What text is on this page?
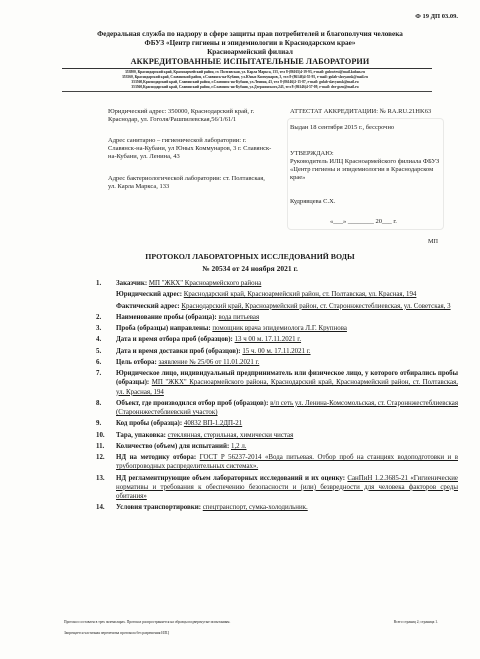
Ф 19 ДП 03.09.
Федеральная служба по надзору в сфере защиты прав потребителей и благополучия человека
ФБУЗ «Центр гигиены и эпидемиологии в Краснодарском крае»
Красноармейский филиал
АККРЕДИТОВАННЫЕ ИСПЫТАТЕЛЬНЫЕ ЛАБОРАТОРИИ
353800, Краснодарский край, Красноармейский район, ст. Полтавская, ул. Карла Маркса, 133, тел 8-(86165)4-19-93, e-mail: gulowtest@mail.kuban.ru
353560, Краснодарский край, Славянский район, г.Славянск-на-Кубани, ул.Юных Коммунаров, 3, тел 8-(86146)4-55-95, e-mail: gulab-slavyansk@mail.ru
353560,Краснодарский край, Славянский район, г.Славянск-на-Кубани, ул.Ленина, 43, тел 8-(86146)2-15-87, e-mail: gulab-slavyansk@mail.ru
353560,Краснодарский край, Славянский район, г.Славянск-на-Кубани, ул.Дзержинского,243, тел 8-(86146)4-57-09, e-mail: dez-gsen@mail.ru
Юридический адрес: 350000, Краснодарский край, г. Краснодар, ул. Гоголя/Рашпилевская,56/1/61/1
Адрес санитарно – гигиенической лаборатории: г. Славянск-на-Кубани, ул Юных Коммунаров, 3 г. Славянск-на-Кубани, ул. Ленина, 43
Адрес бактериологической лаборатории: ст. Полтавская, ул. Карла Маркса, 133
АТТЕСТАТ АККРЕДИТАЦИИ: № RA.RU.21HK63
Выдан 18 сентября 2015 г., бессрочно
УТВЕРЖДАЮ:
Руководитель ИЛЦ Красноармейского филиала ФБУЗ «Центр гигиены и эпидемиологии в Краснодарском крае»
Кудрявцева С.Х.
«___» ________ 20___ г.
МП
ПРОТОКОЛ ЛАБОРАТОРНЫХ ИССЛЕДОВАНИЙ ВОДЫ
№ 20534 от 24 ноября 2021 г.
1.	Заказчик: МП "ЖКХ" Красноармейского района
Юридический адрес: Краснодарский край, Красноармейский район, ст. Полтавская, ул. Красная, 194
Фактический адрес: Краснодарский край, Красноармейский район, ст. Староннжестеблиевская, ул. Советская, 3
2.	Наименование пробы (образца): вода питьевая
3.	Проба (образцы) направлены: помощник врача эпидемиолога Л.Г. Крупнова
4.	Дата и время отбора проб (образцов): 13 ч 00 м. 17.11.2021 г.
5.	Дата и время доставки проб (образцов): 15 ч. 00 м. 17.11.2021 г.
6.	Цель отбора: заявление № 25/06 от 11.01.2021 г.
7.	Юридическое лицо, индивидуальный предприниматель или физическое лицо, у которого отбирались пробы (образцы): МП "ЖКХ" Красноармейского района, Краснодарский край, Красноармейский район, ст. Полтавская, ул. Красная, 194
8.	Объект, где производился отбор проб (образцов): в/п сеть ул. Ленина-Комсомольская, ст. Староннжестеблиевская (Староннжестеблиевский участок)
9.	Код пробы (образца): 40832 ВП-1.2ДП-21
10.	Тара, упаковка: стеклянная, стерильная, химически чистая
11.	Количество (объем) для испытаний: 1,2 л.
12.	НД на методику отбора: ГОСТ Р 56237-2014 «Вода питьевая. Отбор проб на станциях водоподготовки и в трубопроводных распределительных системах».
13.	НД регламентирующие объем лабораторных исследований и их оценку: СанПиН 1.2.3685-21 «Гигиенические нормативы и требования к обеспечению безопасности и (или) безвредности для человека факторов среды обитания»
14.	Условия транспортировки: спецтранспорт, сумка-холодильник.
Протокол составлен в трех экземплярах. Протокол распространяется на образцы подвергнутые испытаниям.
Запрещается частичная перепечатка протокола без разрешения ИЛЦ
Всего страниц 2; страница 1.
